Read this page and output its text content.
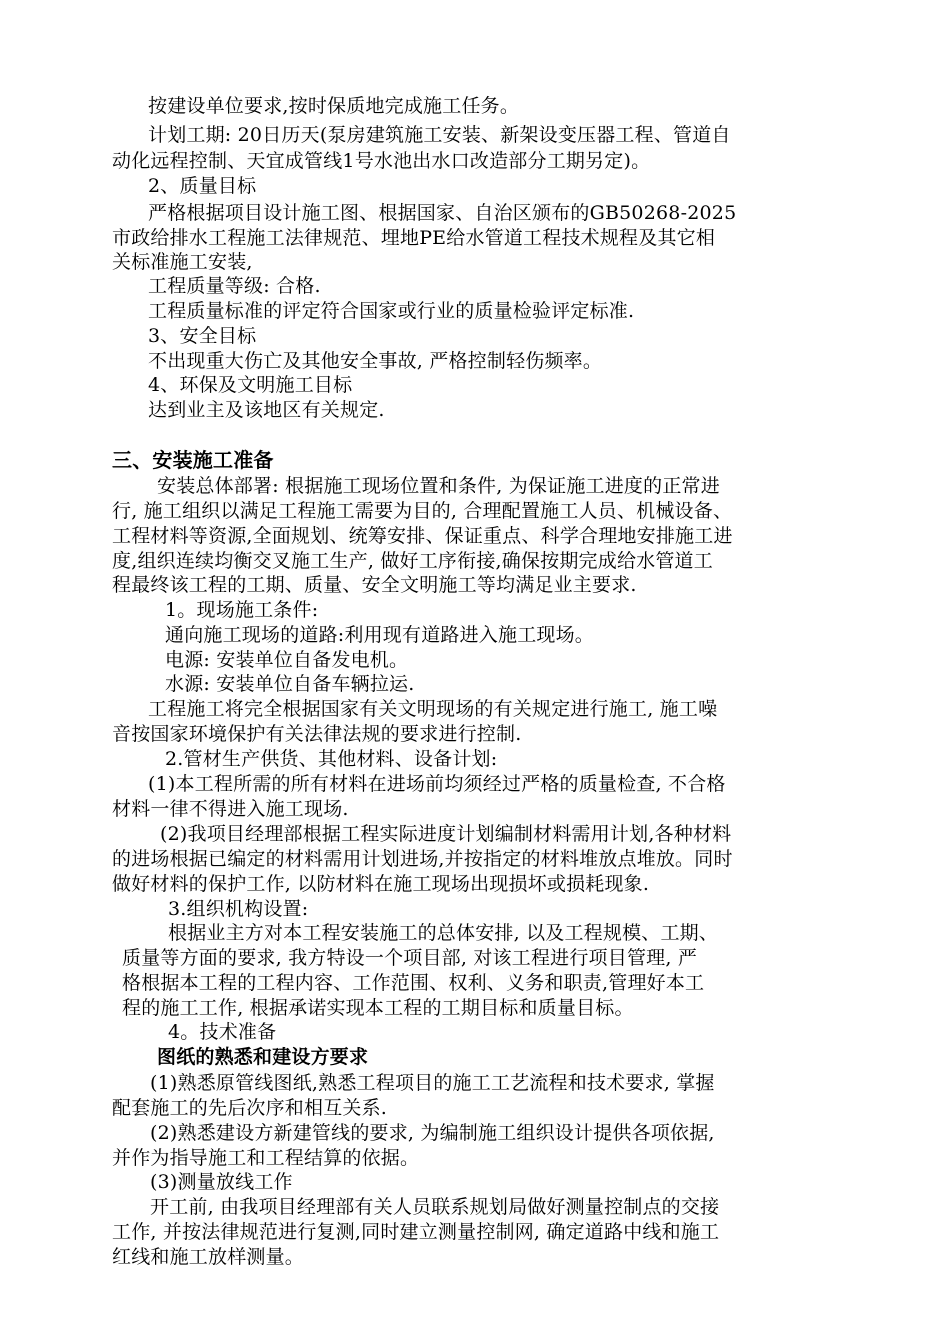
按建设单位要求,按时保质地完成施工任务。
计划工期: 20日历天(泵房建筑施工安装、新架设变压器工程、管道自
动化远程控制、天宜成管线1号水池出水口改造部分工期另定)。
2、质量目标
严格根据项目设计施工图、根据国家、自治区颁布的GB50268-2025
市政给排水工程施工法律规范、埋地PE给水管道工程技术规程及其它相
关标准施工安装,
工程质量等级: 合格.
工程质量标准的评定符合国家或行业的质量检验评定标准.
3、安全目标
不出现重大伤亡及其他安全事故, 严格控制轻伤频率。
4、环保及文明施工目标
达到业主及该地区有关规定.
三、安装施工准备
安装总体部署: 根据施工现场位置和条件, 为保证施工进度的正常进
行, 施工组织以满足工程施工需要为目的, 合理配置施工人员、机械设备、
工程材料等资源,全面规划、统筹安排、保证重点、科学合理地安排施工进
度,组织连续均衡交叉施工生产, 做好工序衔接,确保按期完成给水管道工
程最终该工程的工期、质量、安全文明施工等均满足业主要求.
1。现场施工条件:
通向施工现场的道路:利用现有道路进入施工现场。
电源: 安装单位自备发电机。
水源: 安装单位自备车辆拉运.
工程施工将完全根据国家有关文明现场的有关规定进行施工, 施工噪
音按国家环境保护有关法律法规的要求进行控制.
2.管材生产供货、其他材料、设备计划:
(1)本工程所需的所有材料在进场前均须经过严格的质量检查, 不合格
材料一律不得进入施工现场.
(2)我项目经理部根据工程实际进度计划编制材料需用计划,各种材料
的进场根据已编定的材料需用计划进场,并按指定的材料堆放点堆放。同时
做好材料的保护工作, 以防材料在施工现场出现损坏或损耗现象.
3.组织机构设置:
根据业主方对本工程安装施工的总体安排, 以及工程规模、工期、
质量等方面的要求, 我方特设一个项目部, 对该工程进行项目管理, 严
格根据本工程的工程内容、工作范围、权利、义务和职责,管理好本工
程的施工工作, 根据承诺实现本工程的工期目标和质量目标。
4。技术准备
图纸的熟悉和建设方要求
(1)熟悉原管线图纸,熟悉工程项目的施工工艺流程和技术要求, 掌握
配套施工的先后次序和相互关系.
(2)熟悉建设方新建管线的要求, 为编制施工组织设计提供各项依据,
并作为指导施工和工程结算的依据。
(3)测量放线工作
开工前, 由我项目经理部有关人员联系规划局做好测量控制点的交接
工作, 并按法律规范进行复测,同时建立测量控制网, 确定道路中线和施工
红线和施工放样测量。
